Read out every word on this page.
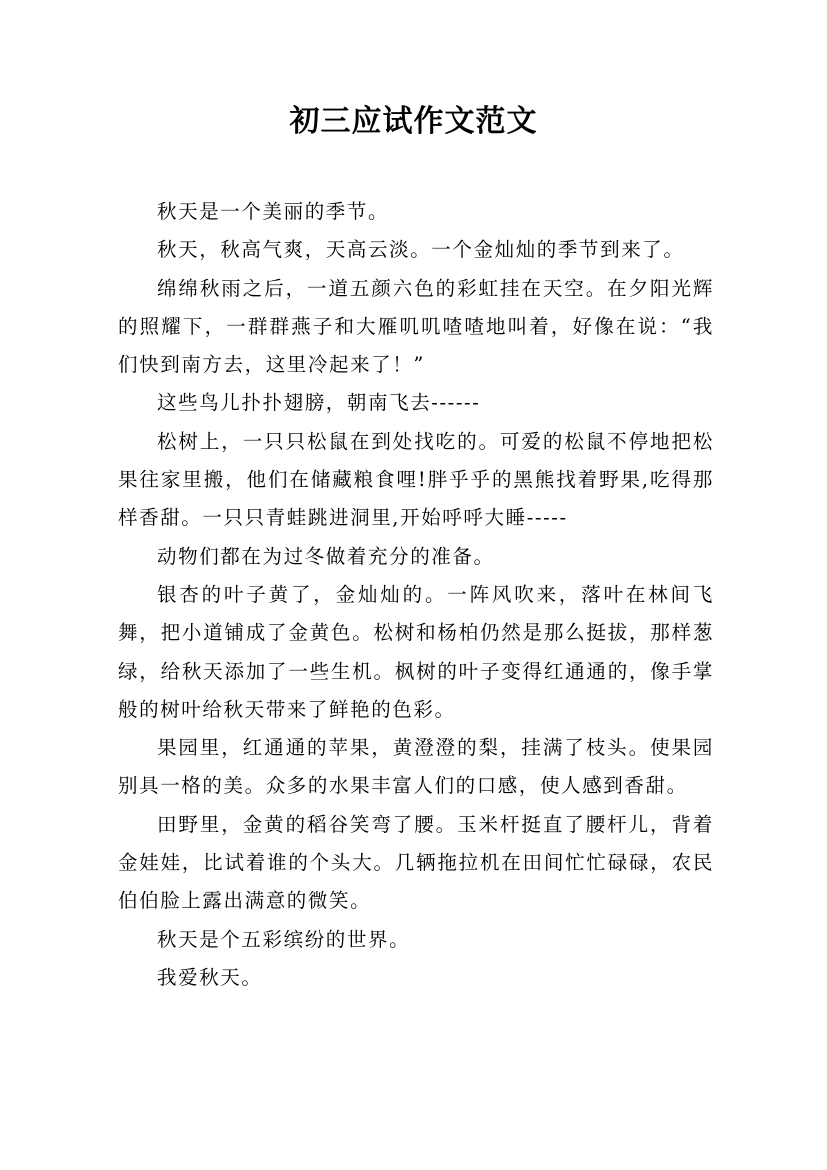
初三应试作文范文

秋天是一个美丽的季节。

秋天，秋高气爽，天高云淡。一个金灿灿的季节到来了。

绵绵秋雨之后，一道五颜六色的彩虹挂在天空。在夕阳光辉的照耀下，一群群燕子和大雁叽叽喳喳地叫着，好像在说：“我们快到南方去，这里冷起来了！”

这些鸟儿扑扑翅膀，朝南飞去------

松树上，一只只松鼠在到处找吃的。可爱的松鼠不停地把松果往家里搬，他们在储藏粮食哩!胖乎乎的黑熊找着野果,吃得那样香甜。一只只青蛙跳进洞里,开始呼呼大睡-----

动物们都在为过冬做着充分的准备。

银杏的叶子黄了，金灿灿的。一阵风吹来，落叶在林间飞舞，把小道铺成了金黄色。松树和杨柏仍然是那么挺拔，那样葱绿，给秋天添加了一些生机。枫树的叶子变得红通通的，像手掌般的树叶给秋天带来了鲜艳的色彩。

果园里，红通通的苹果，黄澄澄的梨，挂满了枝头。使果园别具一格的美。众多的水果丰富人们的口感，使人感到香甜。

田野里，金黄的稻谷笑弯了腰。玉米杆挺直了腰杆儿，背着金娃娃，比试着谁的个头大。几辆拖拉机在田间忙忙碌碌，农民伯伯脸上露出满意的微笑。

秋天是个五彩缤纷的世界。

我爱秋天。
